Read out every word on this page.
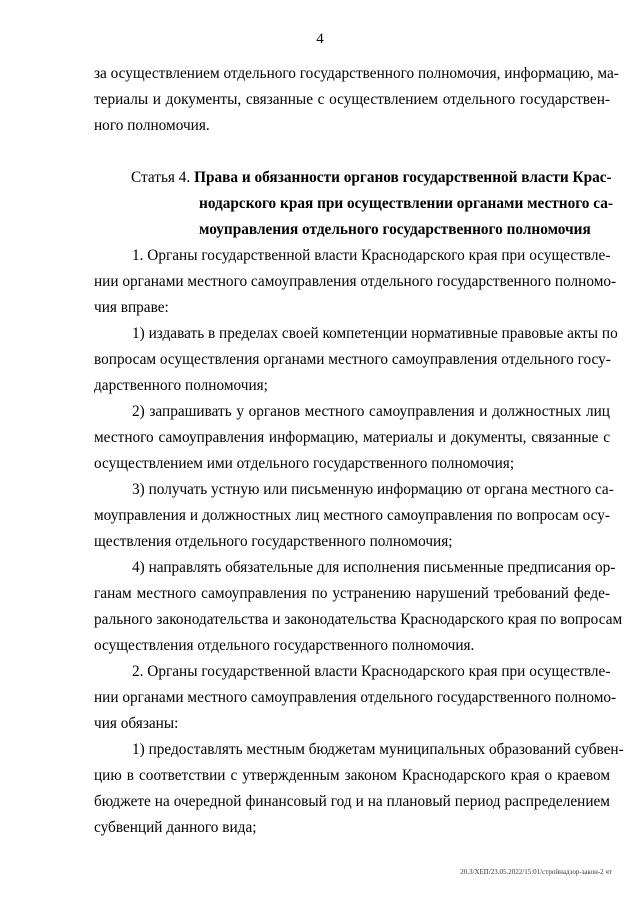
4
за осуществлением отдельного государственного полномочия, информацию, ма-
териалы и документы, связанные с осуществлением отдельного государствен-
ного полномочия.
Статья 4. Права и обязанности органов государственной власти Крас-
нодарского края при осуществлении органами местного са-
моуправления отдельного государственного полномочия
1. Органы государственной власти Краснодарского края при осуществле-
нии органами местного самоуправления отдельного государственного полномо-
чия вправе:
1) издавать в пределах своей компетенции нормативные правовые акты по
вопросам осуществления органами местного самоуправления отдельного госу-
дарственного полномочия;
2) запрашивать у органов местного самоуправления и должностных лиц
местного самоуправления информацию, материалы и документы, связанные с
осуществлением ими отдельного государственного полномочия;
3) получать устную или письменную информацию от органа местного са-
моуправления и должностных лиц местного самоуправления по вопросам осу-
ществления отдельного государственного полномочия;
4) направлять обязательные для исполнения письменные предписания ор-
ганам местного самоуправления по устранению нарушений требований феде-
рального законодательства и законодательства Краснодарского края по вопросам
осуществления отдельного государственного полномочия.
2. Органы государственной власти Краснодарского края при осуществле-
нии органами местного самоуправления отдельного государственного полномо-
чия обязаны:
1) предоставлять местным бюджетам муниципальных образований субвен-
цию в соответствии с утвержденным законом Краснодарского края о краевом
бюджете на очередной финансовый год и на плановый период распределением
субвенций данного вида;
20.3/ХЕП/23.05.2022/15:01/стройнадзор-закон-2 чт
